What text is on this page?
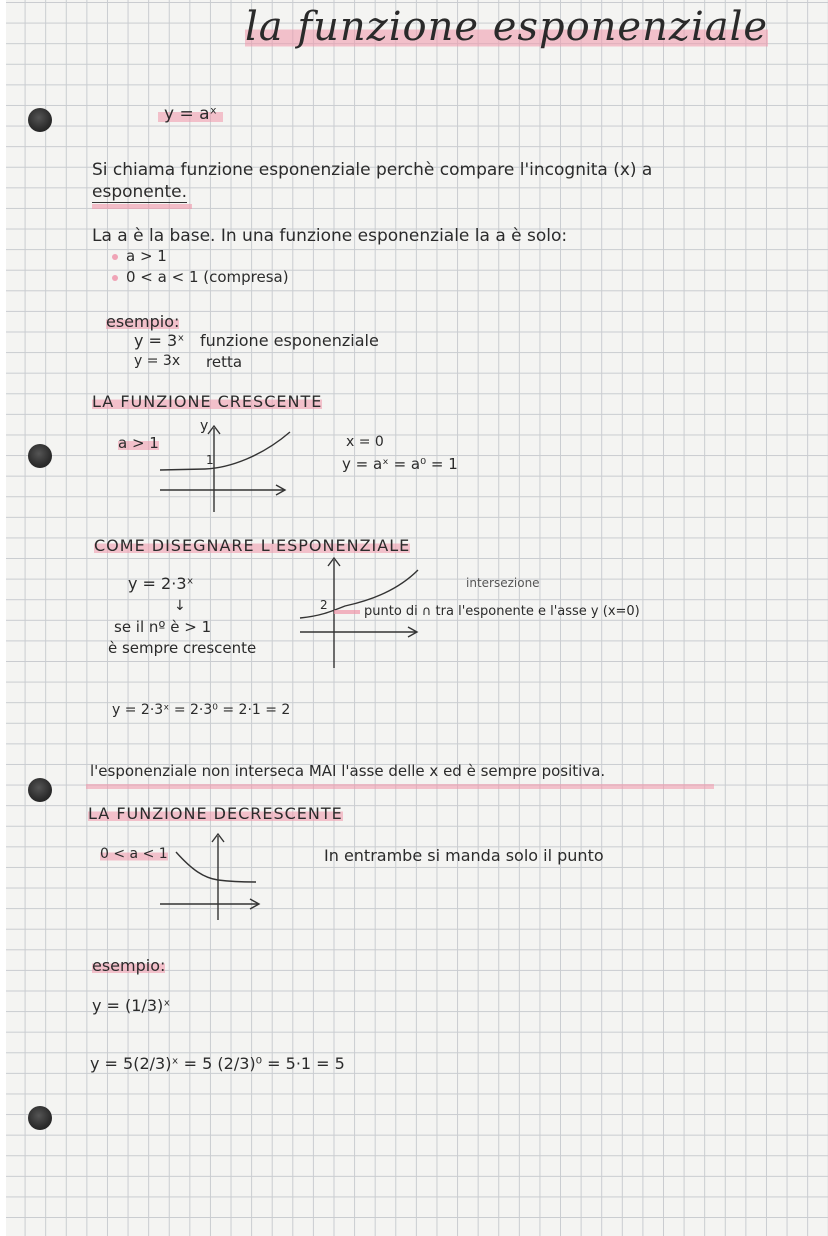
la funzione esponenziale
y = aˣ
Si chiama funzione esponenziale perchè compare l'incognita (x) a
esponente.
La a è la base. In una funzione esponenziale la a è solo:
a > 1
0 < a < 1 (compresa)
esempio:
y = 3ˣ funzione esponenziale
y = 3x retta
LA FUNZIONE CRESCENTE
a > 1
y
1
x = 0
y = aˣ = a⁰ = 1
COME DISEGNARE L'ESPONENZIALE
y = 2·3ˣ
↓
se il nº è > 1
è sempre crescente
2
intersezione
punto di ∩ tra l'esponente e l'asse y (x=0)
y = 2·3ˣ = 2·3⁰ = 2·1 = 2
l'esponenziale non interseca MAI l'asse delle x ed è sempre positiva.
LA FUNZIONE DECRESCENTE
0 < a < 1	In entrambe si manda solo il punto
esempio:
y = (1/3)ˣ
y = 5(2/3)ˣ = 5 (2/3)⁰ = 5·1 = 5
